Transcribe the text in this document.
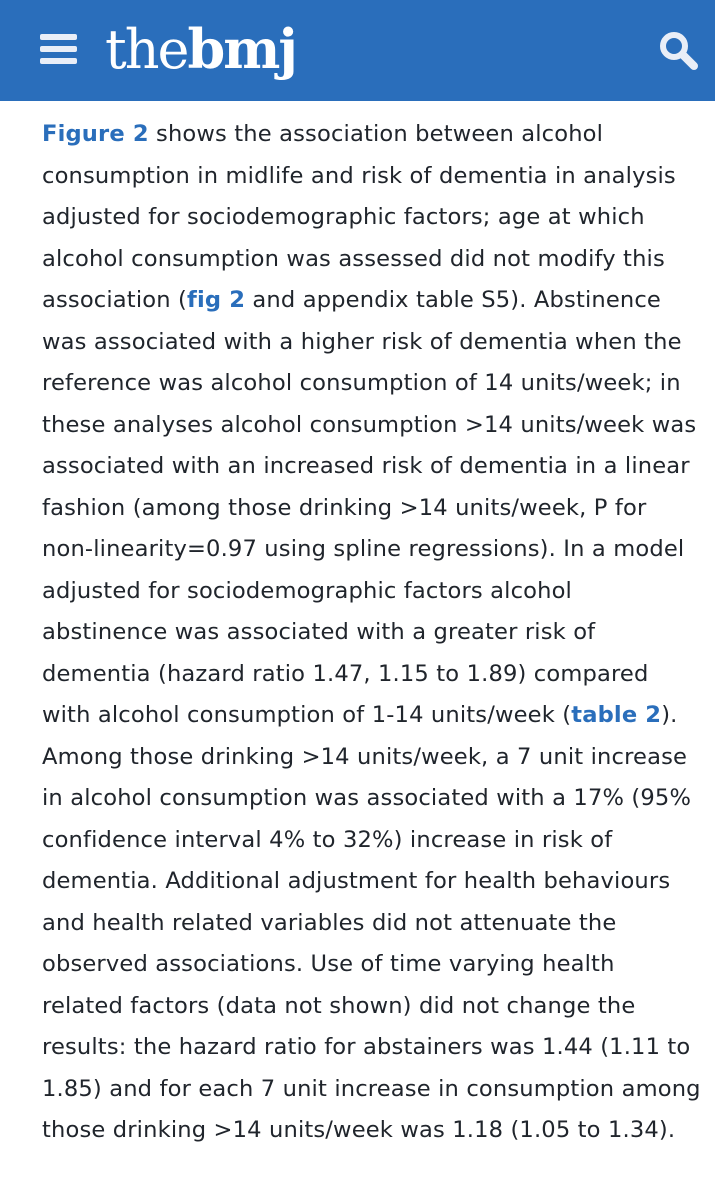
thebmj

Figure 2 shows the association between alcohol consumption in midlife and risk of dementia in analysis adjusted for sociodemographic factors; age at which alcohol consumption was assessed did not modify this association (fig 2 and appendix table S5). Abstinence was associated with a higher risk of dementia when the reference was alcohol consumption of 14 units/week; in these analyses alcohol consumption >14 units/week was associated with an increased risk of dementia in a linear fashion (among those drinking >14 units/week, P for non-linearity=0.97 using spline regressions). In a model adjusted for sociodemographic factors alcohol abstinence was associated with a greater risk of dementia (hazard ratio 1.47, 1.15 to 1.89) compared with alcohol consumption of 1-14 units/week (table 2). Among those drinking >14 units/week, a 7 unit increase in alcohol consumption was associated with a 17% (95% confidence interval 4% to 32%) increase in risk of dementia. Additional adjustment for health behaviours and health related variables did not attenuate the observed associations. Use of time varying health related factors (data not shown) did not change the results: the hazard ratio for abstainers was 1.44 (1.11 to 1.85) and for each 7 unit increase in consumption among those drinking >14 units/week was 1.18 (1.05 to 1.34).
